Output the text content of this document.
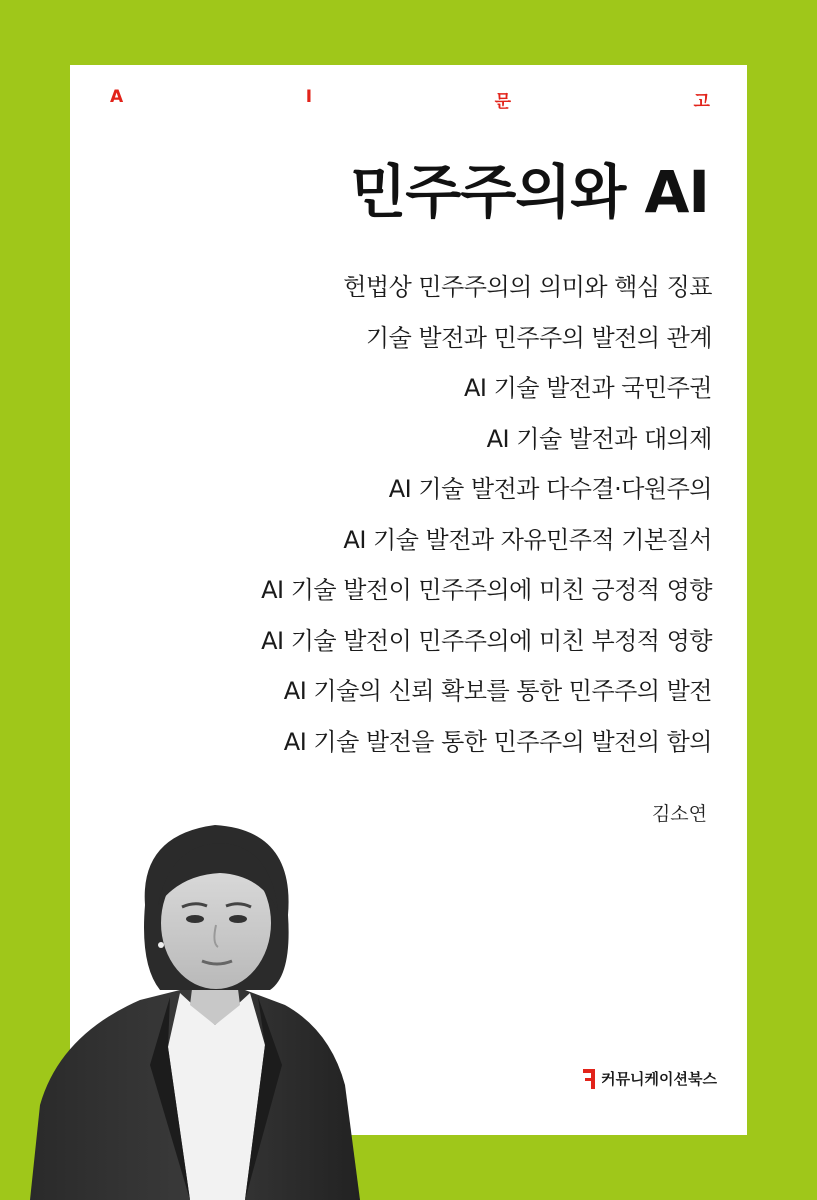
A	I	문	고
민주주의와 AI
헌법상 민주주의의 의미와 핵심 징표
기술 발전과 민주주의 발전의 관계
AI 기술 발전과 국민주권
AI 기술 발전과 대의제
AI 기술 발전과 다수결·다원주의
AI 기술 발전과 자유민주적 기본질서
AI 기술 발전이 민주주의에 미친 긍정적 영향
AI 기술 발전이 민주주의에 미친 부정적 영향
AI 기술의 신뢰 확보를 통한 민주주의 발전
AI 기술 발전을 통한 민주주의 발전의 함의
김소연
커뮤니케이션북스
